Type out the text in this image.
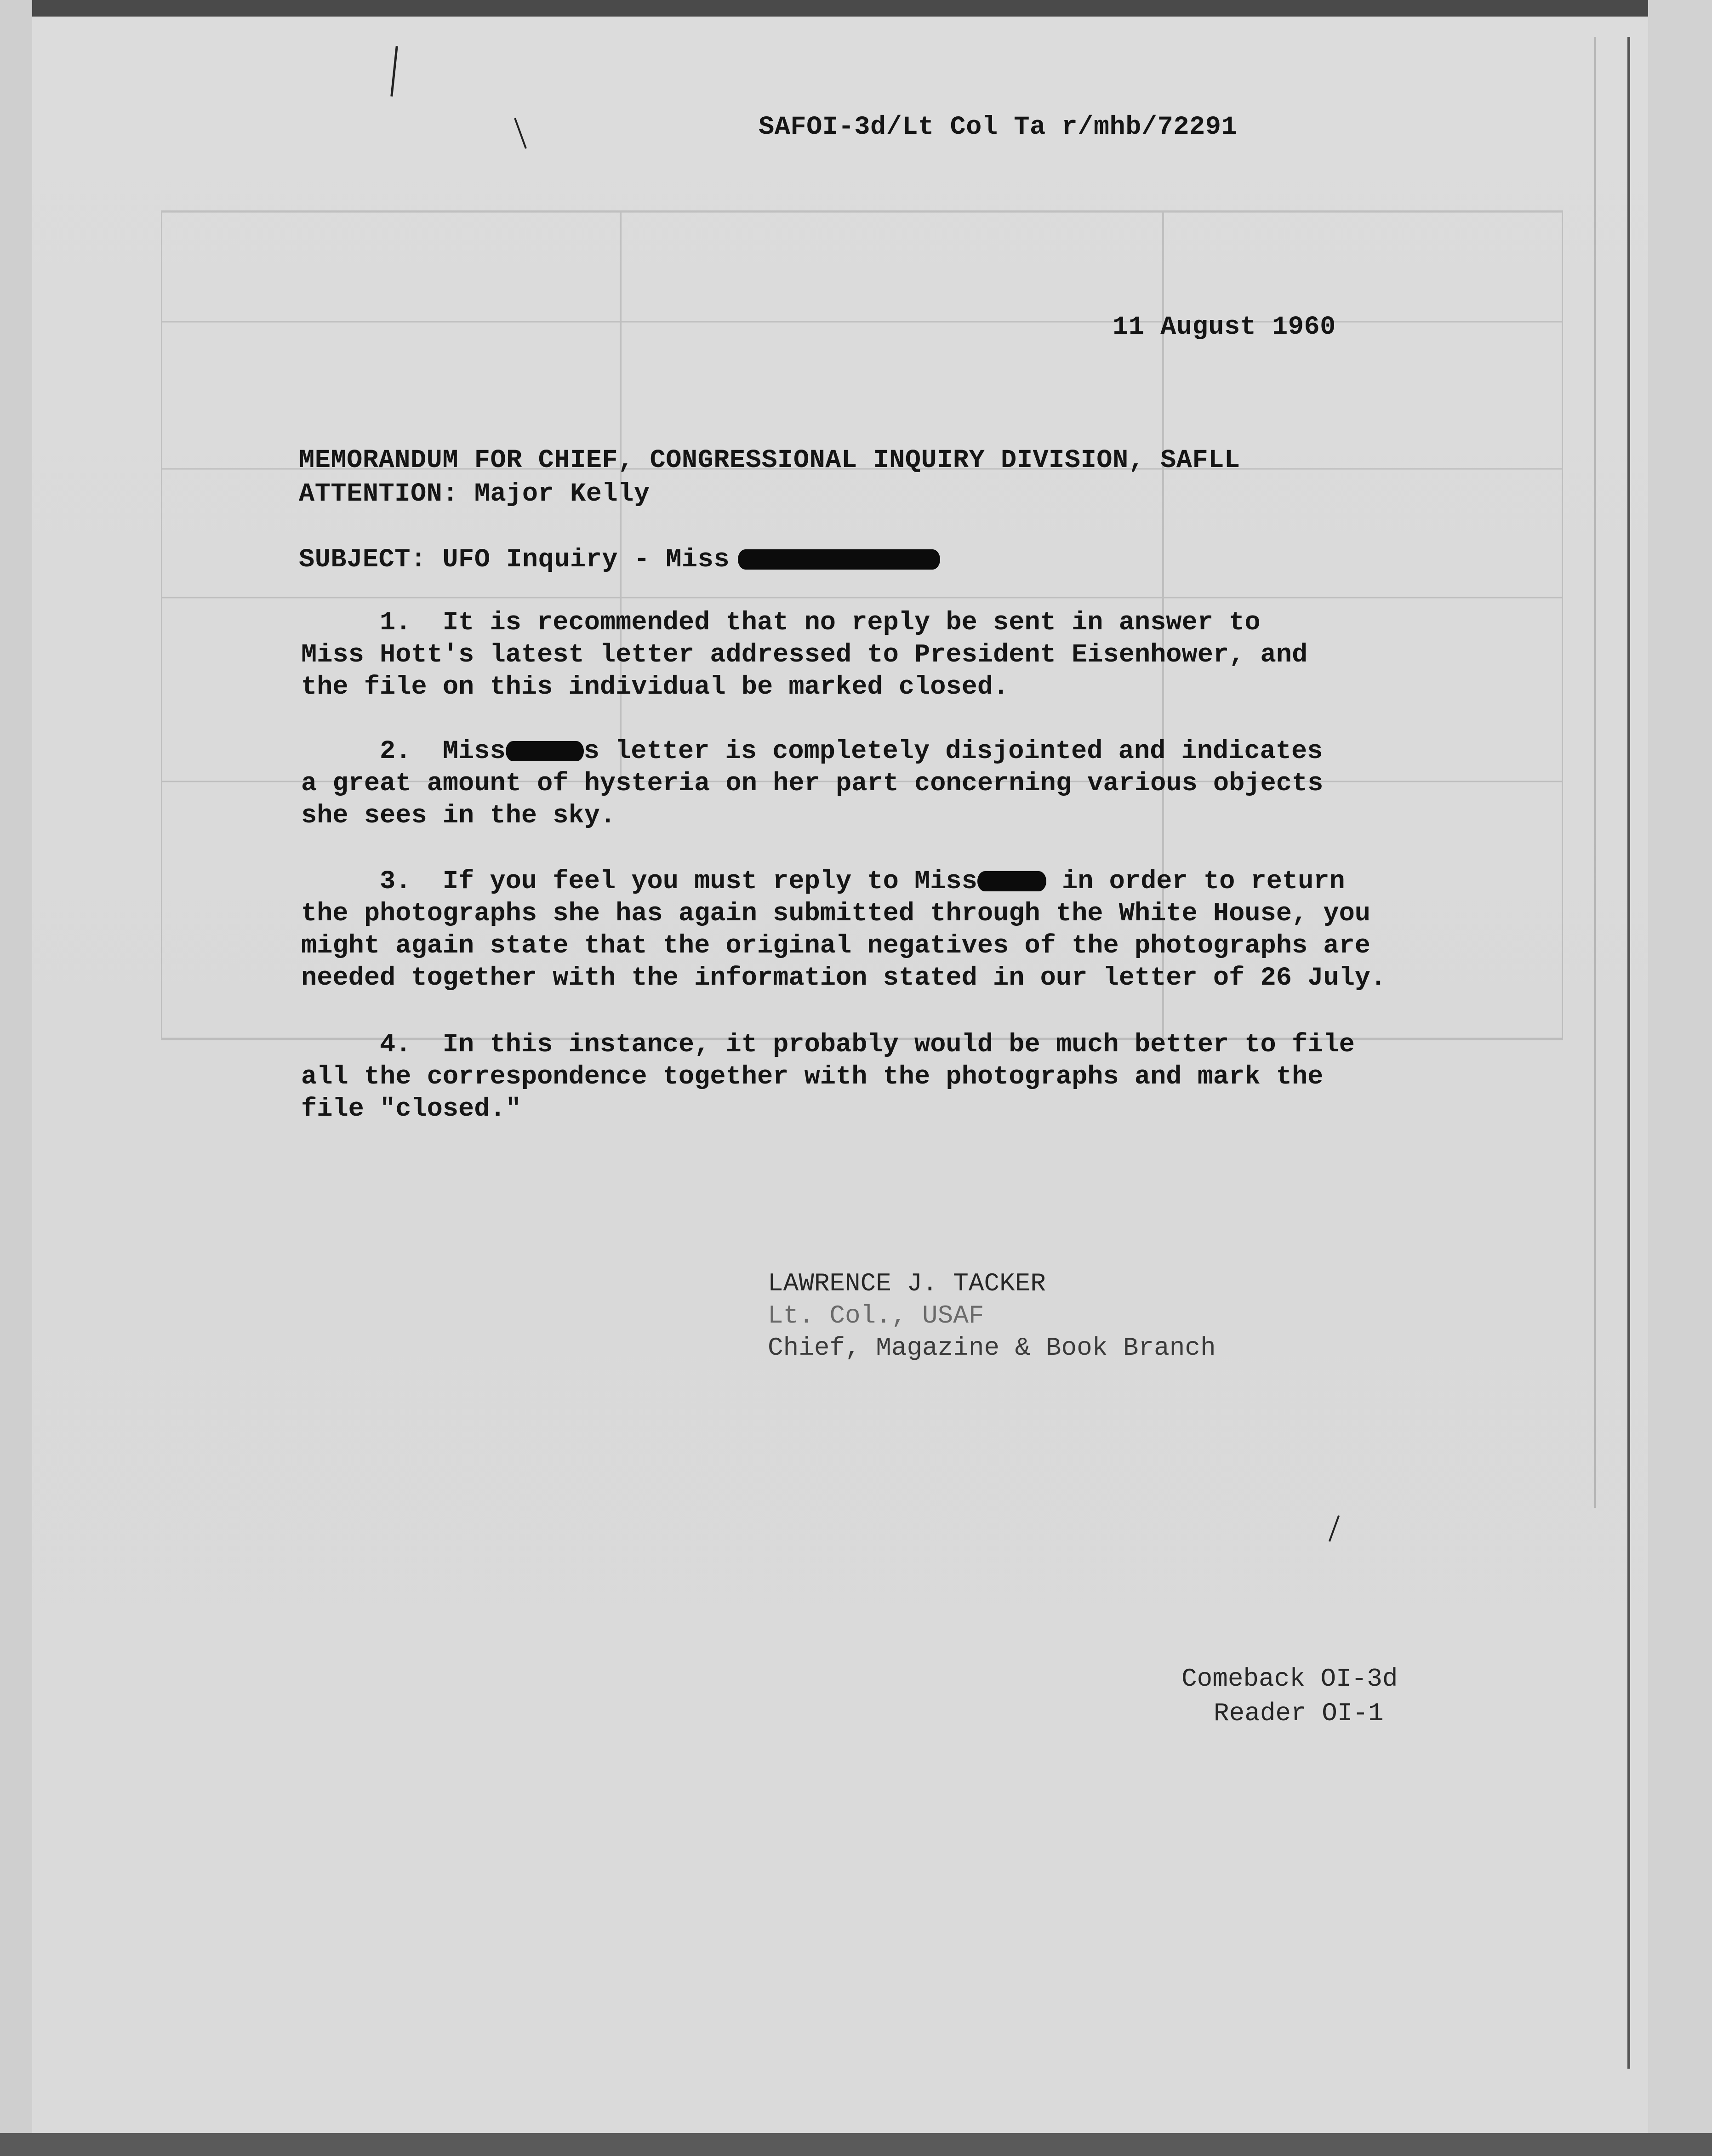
SAFOI-3d/Lt Col Ta r/mhb/72291
11 August 1960
MEMORANDUM FOR CHIEF, CONGRESSIONAL INQUIRY DIVISION, SAFLL
ATTENTION: Major Kelly
SUBJECT: UFO Inquiry - Miss
1.  It is recommended that no reply be sent in answer to
Miss Hott's latest letter addressed to President Eisenhower, and
the file on this individual be marked closed.
2.  Miss	s letter is completely disjointed and indicates
a great amount of hysteria on her part concerning various objects
she sees in the sky.
3.  If you feel you must reply to Miss	in order to return
the photographs she has again submitted through the White House, you
might again state that the original negatives of the photographs are
needed together with the information stated in our letter of 26 July.
4.  In this instance, it probably would be much better to file
all the correspondence together with the photographs and mark the
file "closed."
LAWRENCE J. TACKER
Lt. Col., USAF
Chief, Magazine & Book Branch
Comeback OI-3d
Reader OI-1
